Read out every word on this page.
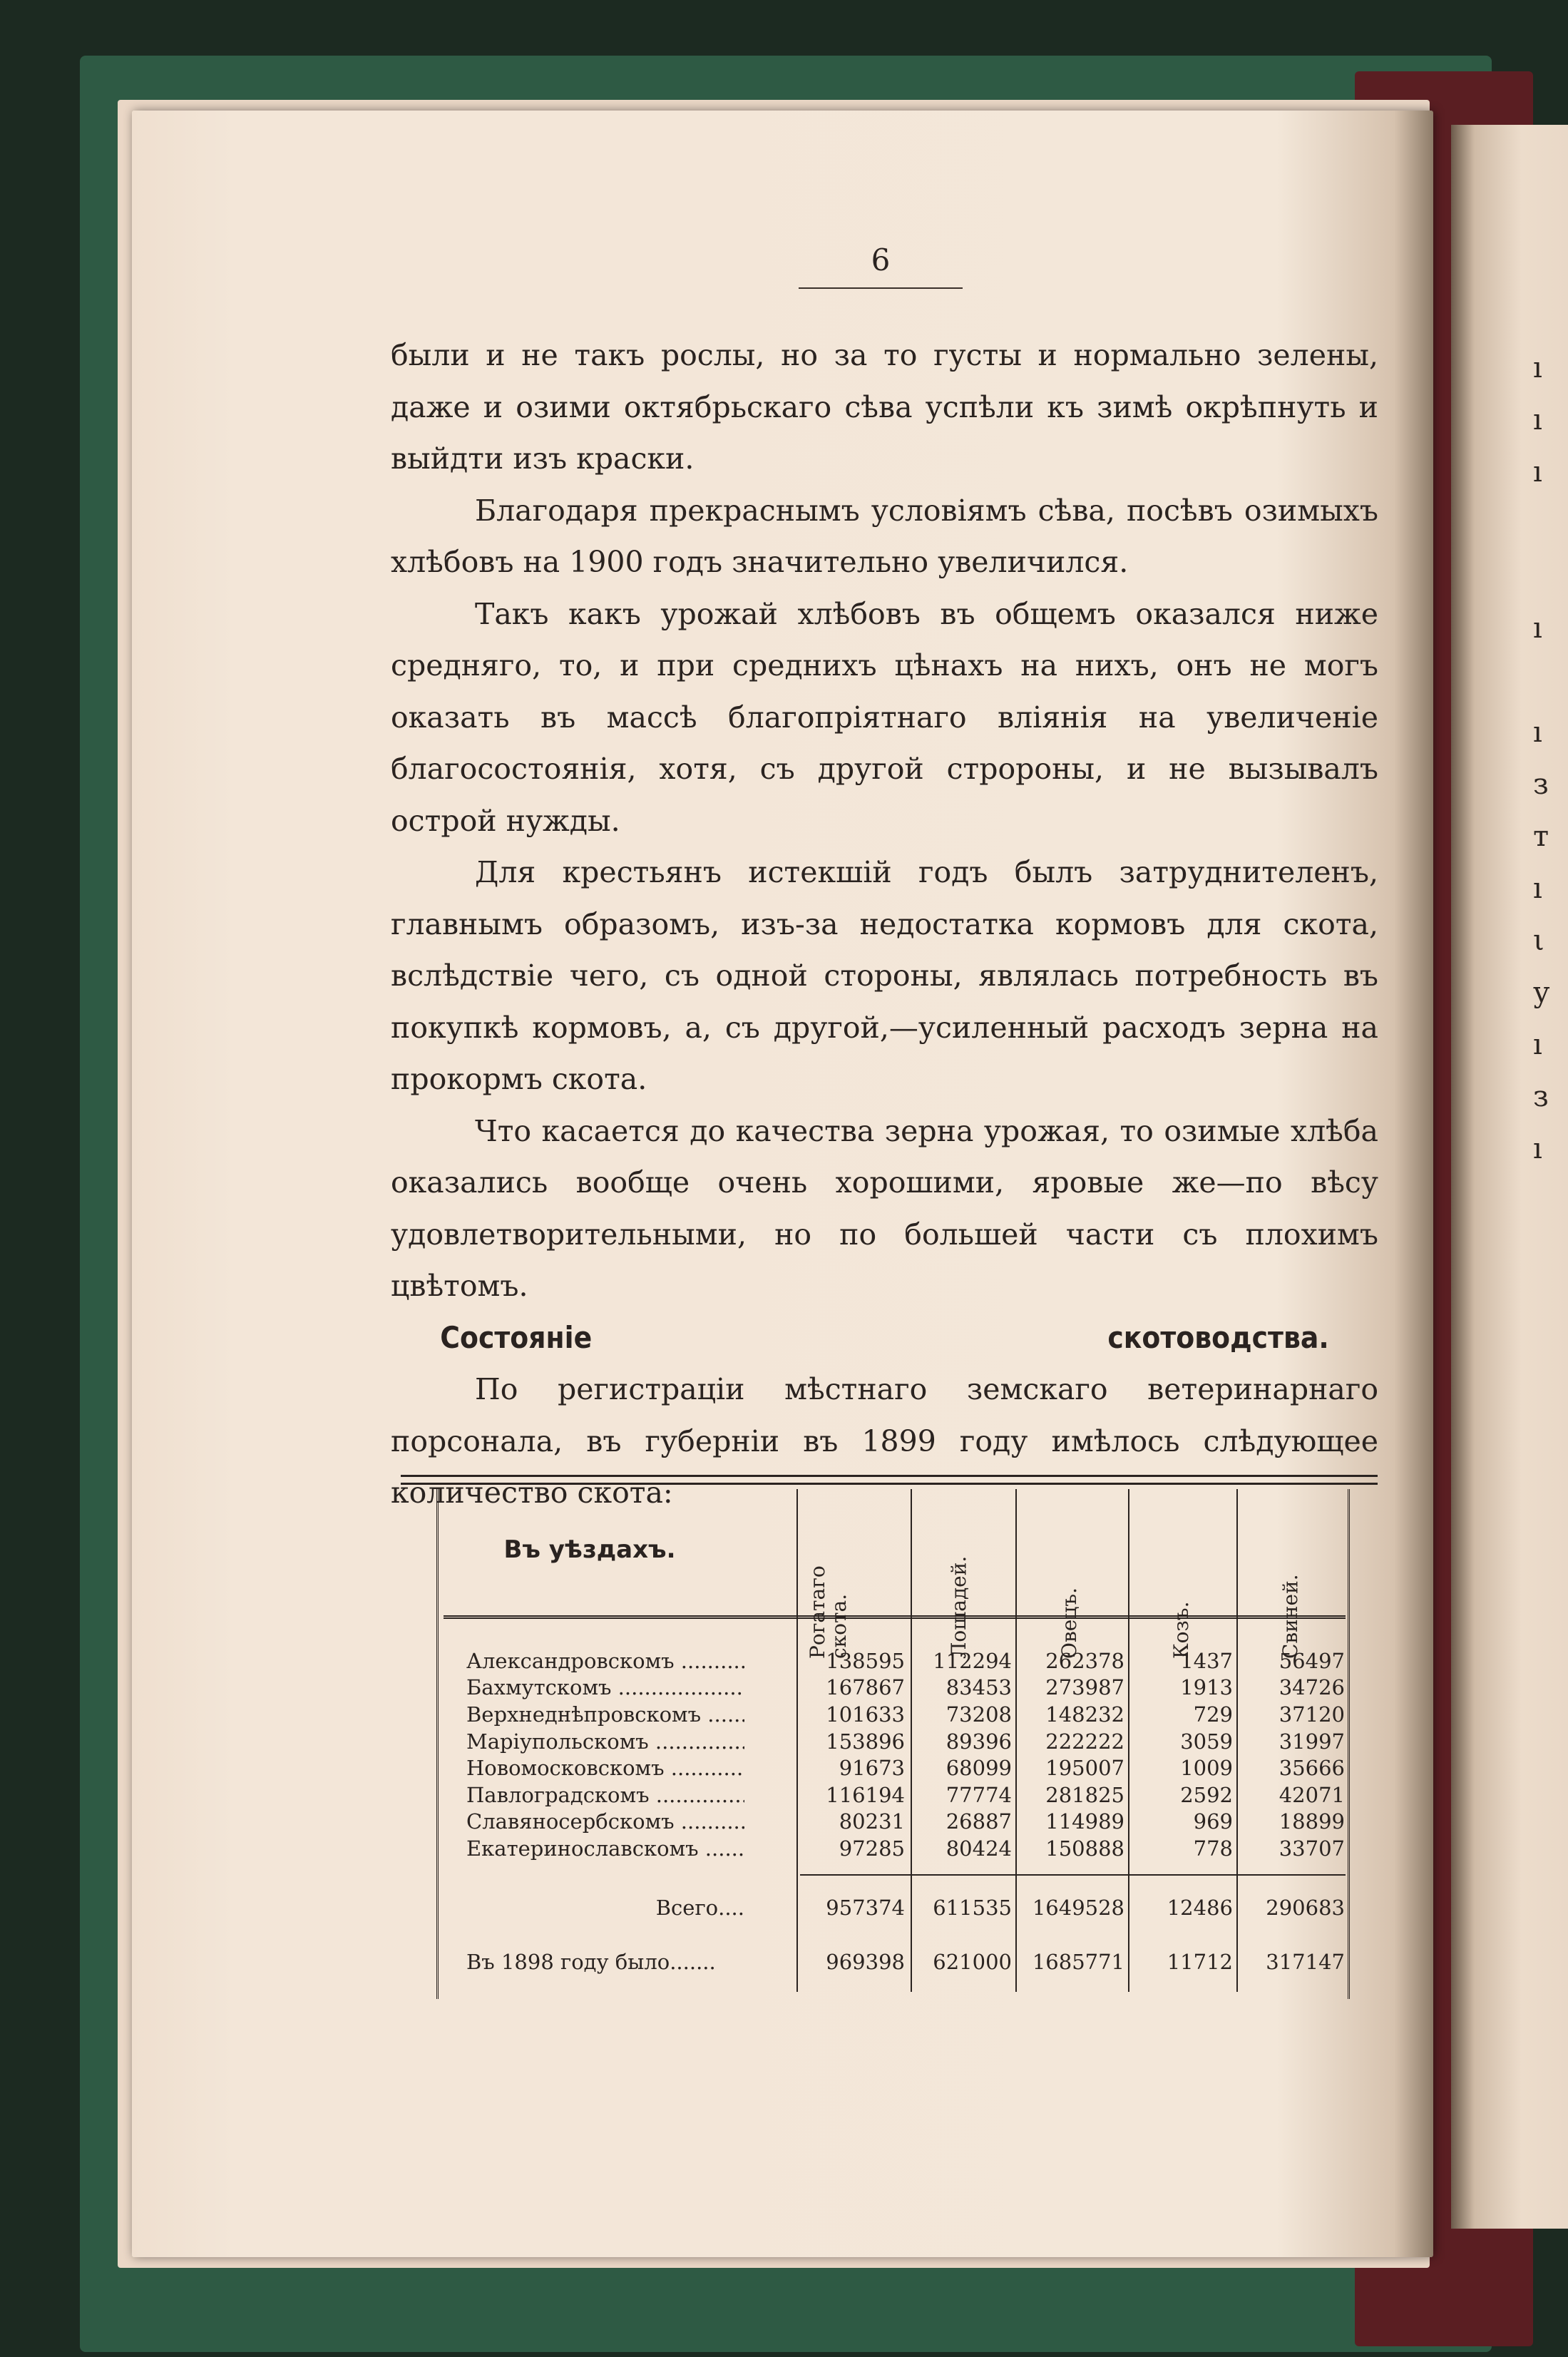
ı
ı
ı

ı

ı
з
т
ı
ι
у
ı
з
ı
6

были и не такъ рослы, но за то густы и нормально зелены, даже и озими октябрьскаго сѣва успѣли къ зимѣ окрѣпнуть и выйдти изъ краски.

Благодаря прекраснымъ условіямъ сѣва, посѣвъ озимыхъ хлѣбовъ на 1900 годъ значительно увеличился.

Такъ какъ урожай хлѣбовъ въ общемъ оказался ниже средняго, то, и при среднихъ цѣнахъ на нихъ, онъ не могъ оказать въ массѣ благопріятнаго вліянія на увеличеніе благосостоянія, хотя, съ другой стрoроны, и не вызывалъ острой нужды.

Для крестьянъ истекшій годъ былъ затруднителенъ, главнымъ образомъ, изъ-за недостатка кормовъ для скота, вслѣдствіе чего, съ одной стороны, являлась потребность въ покупкѣ кормовъ, а, съ другой,—усиленный расходъ зерна на прокормъ скота.

Что касается до качества зерна урожая, то озимые хлѣба оказались вообще очень хорошими, яровые же—по вѣсу удовлетворительными, но по большей части съ плохимъ цвѣтомъ.

Состояніе скотоводства.

По регистраціи мѣстнаго земскаго ветеринарнаго порсонала, въ губерніи въ 1899 году имѣлось слѣдующее количество скота:

Въ уѣздахъ.
Рогатаго скота.	Лошадей.	Овецъ.	Козъ.	Свиней.
Александровскомъ .....	138595	112294	262378	1437	56497
Бахмутскомъ .....	167867	83453	273987	1913	34726
Верхнеднѣпровскомъ .....	101633	73208	148232	729	37120
Маріупольскомъ .....	153896	89396	222222	3059	31997
Новомосковскомъ .....	91673	68099	195007	1009	35666
Павлоградскомъ .....	116194	77774	281825	2592	42071
Славяносербскомъ .....	80231	26887	114989	969	18899
Екатеринославскомъ .....	97285	80424	150888	778	33707
Всего....	957374	611535 1649528	12486	290683
Въ 1898 году было.......	969398	621000 1685771	11712	317147
